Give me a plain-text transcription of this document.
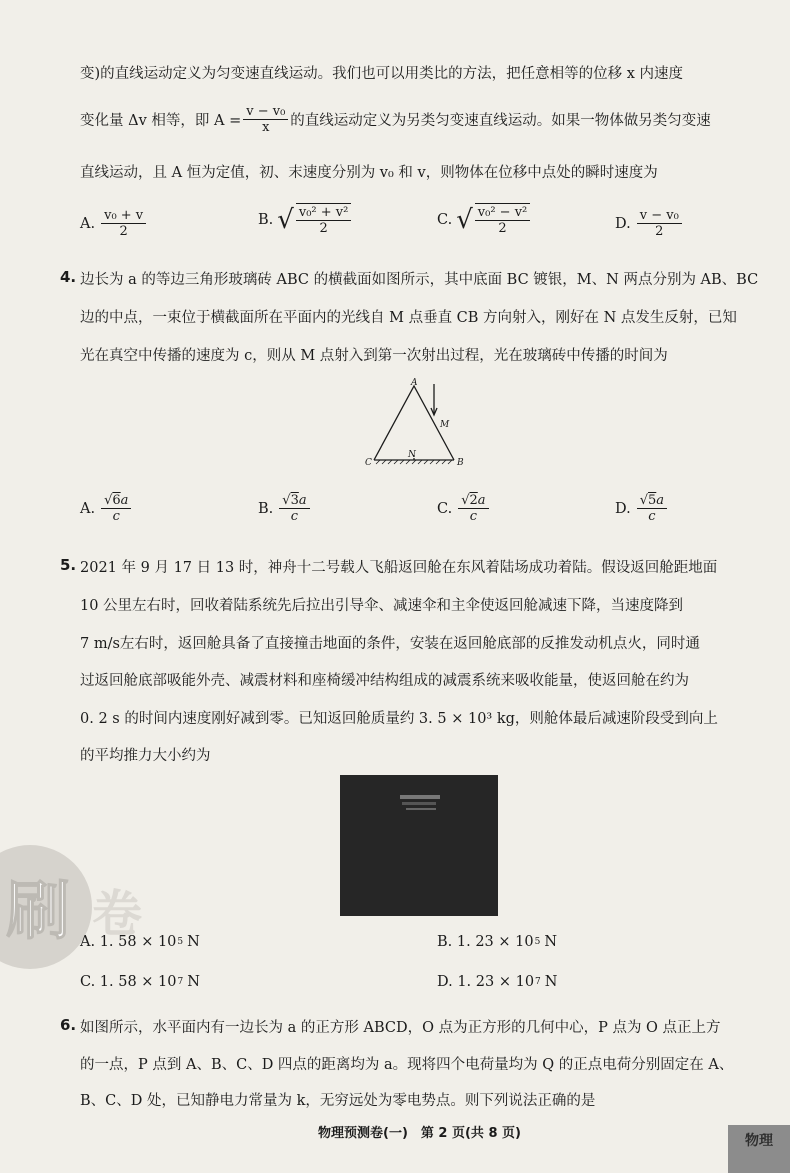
变)的直线运动定义为匀变速直线运动。我们也可以用类比的方法，把任意相等的位移 x 内速度
变化量 Δv 相等，即 $A = \frac{\text{v − v₀}}{x}$ 的直线运动定义为另类匀变速直线运动。如果一物体做另类匀变速
直线运动，且 A 恒为定值，初、末速度分别为 v₀ 和 v，则物体在位移中点处的瞬时速度为
A. $\frac{\text{v₀ + v}}{2}$	B. √ $\frac{\text{v₀² + v²}}{2}$	C. √ $\frac{\text{v₀² − v²}}{2}$	D. $\frac{\text{v − v₀}}{2}$
4. 边长为 a 的等边三角形玻璃砖 ABC 的横截面如图所示，其中底面 BC 镀银，M、N 两点分别为 AB、BC
边的中点，一束位于横截面所在平面内的光线自 M 点垂直 CB 方向射入，刚好在 N 点发生反射，已知
光在真空中传播的速度为 c，则从 M 点射入到第一次射出过程，光在玻璃砖中传播的时间为
A
B
C
M
N
A. $\frac{√6a}{c}$	B. $\frac{√3a}{c}$	C. $\frac{√2a}{c}$	D. $\frac{√5a}{c}$
5. 2021 年 9 月 17 日 13 时，神舟十二号载人飞船返回舱在东风着陆场成功着陆。假设返回舱距地面
10 公里左右时，回收着陆系统先后拉出引导伞、减速伞和主伞使返回舱减速下降，当速度降到
7 m/s左右时，返回舱具备了直接撞击地面的条件，安装在返回舱底部的反推发动机点火，同时通
过返回舱底部吸能外壳、减震材料和座椅缓冲结构组成的减震系统来吸收能量，使返回舱在约为
0. 2 s 的时间内速度刚好减到零。已知返回舱质量约 3. 5 × 10³ kg，则舱体最后减速阶段受到向上
的平均推力大小约为
刷 卷
A. 1. 58 × 10 5 N	B. 1. 23 × 10 5 N
C. 1. 58 × 10 7 N	D. 1. 23 × 10 7 N
6. 如图所示，水平面内有一边长为 a 的正方形 ABCD，O 点为正方形的几何中心，P 点为 O 点正上方
的一点，P 点到 A、B、C、D 四点的距离均为 a。现将四个电荷量均为 Q 的正点电荷分别固定在 A、
B、C、D 处，已知静电力常量为 k，无穷远处为零电势点。则下列说法正确的是
物理预测卷(一)　第 2 页(共 8 页)	物理
